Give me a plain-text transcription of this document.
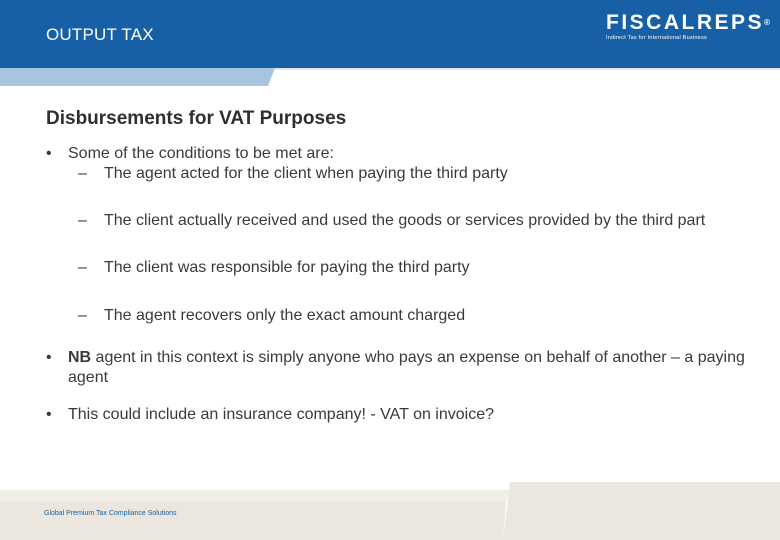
OUTPUT TAX
FISCALREPS®
Indirect Tax for International Business
Disbursements for VAT Purposes
• Some of the conditions to be met are:
– The agent acted for the client when paying the third party
– The client actually received and used the goods or services provided by the third part
– The client was responsible for paying the third party
– The agent recovers only the exact amount charged
• NB agent in this context is simply anyone who pays an expense on behalf of another – a paying agent
• This could include an insurance company! - VAT on invoice?
Global Premium Tax Compliance Solutions
